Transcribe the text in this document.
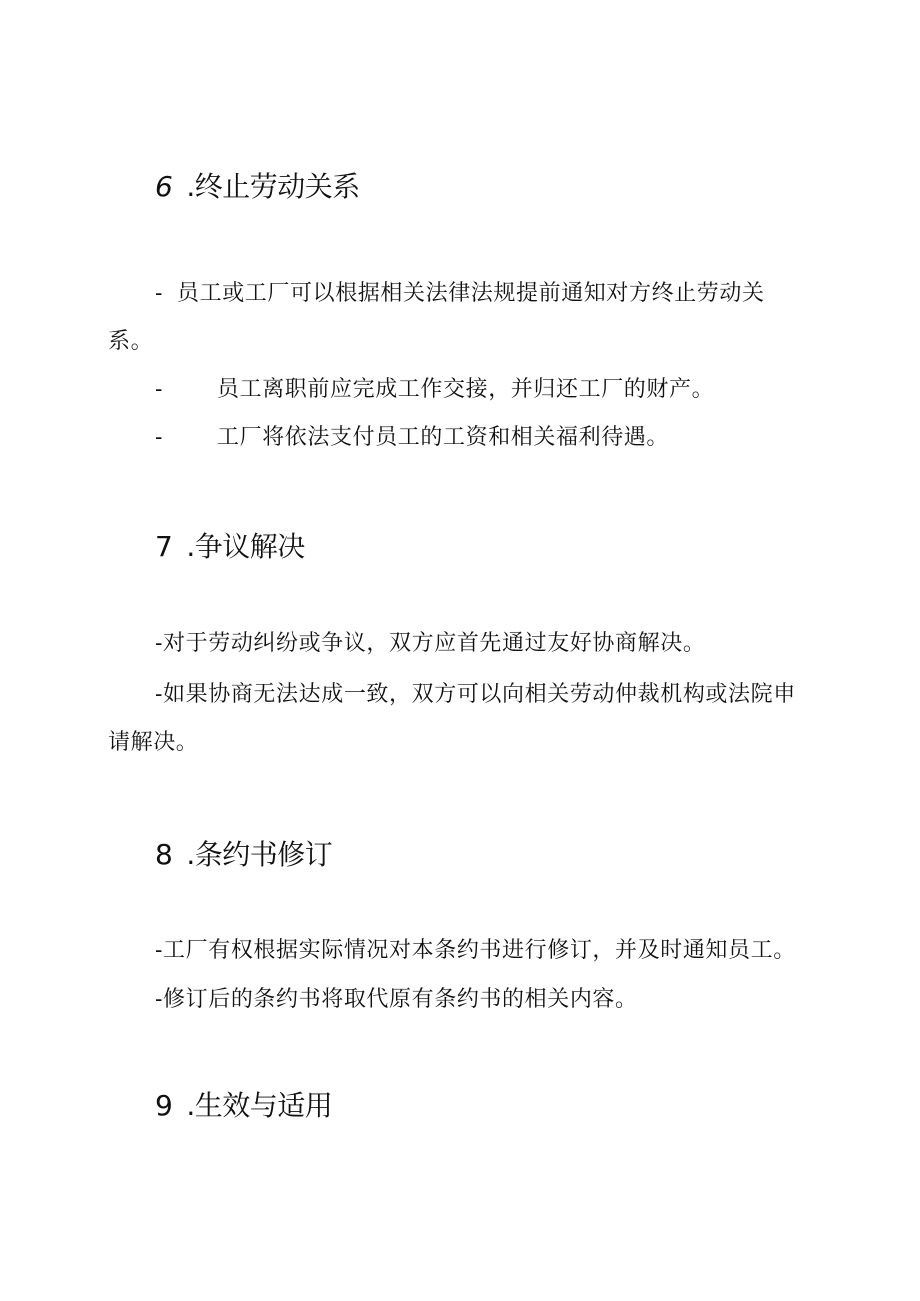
6 .终止劳动关系
- 员工或工厂可以根据相关法律法规提前通知对方终止劳动关
系。
- 员工离职前应完成工作交接，并归还工厂的财产。
- 工厂将依法支付员工的工资和相关福利待遇。
7 .争议解决
-对于劳动纠纷或争议，双方应首先通过友好协商解决。
-如果协商无法达成一致，双方可以向相关劳动仲裁机构或法院申
请解决。
8 .条约书修订
-工厂有权根据实际情况对本条约书进行修订，并及时通知员工。
-修订后的条约书将取代原有条约书的相关内容。
9 .生效与适用
